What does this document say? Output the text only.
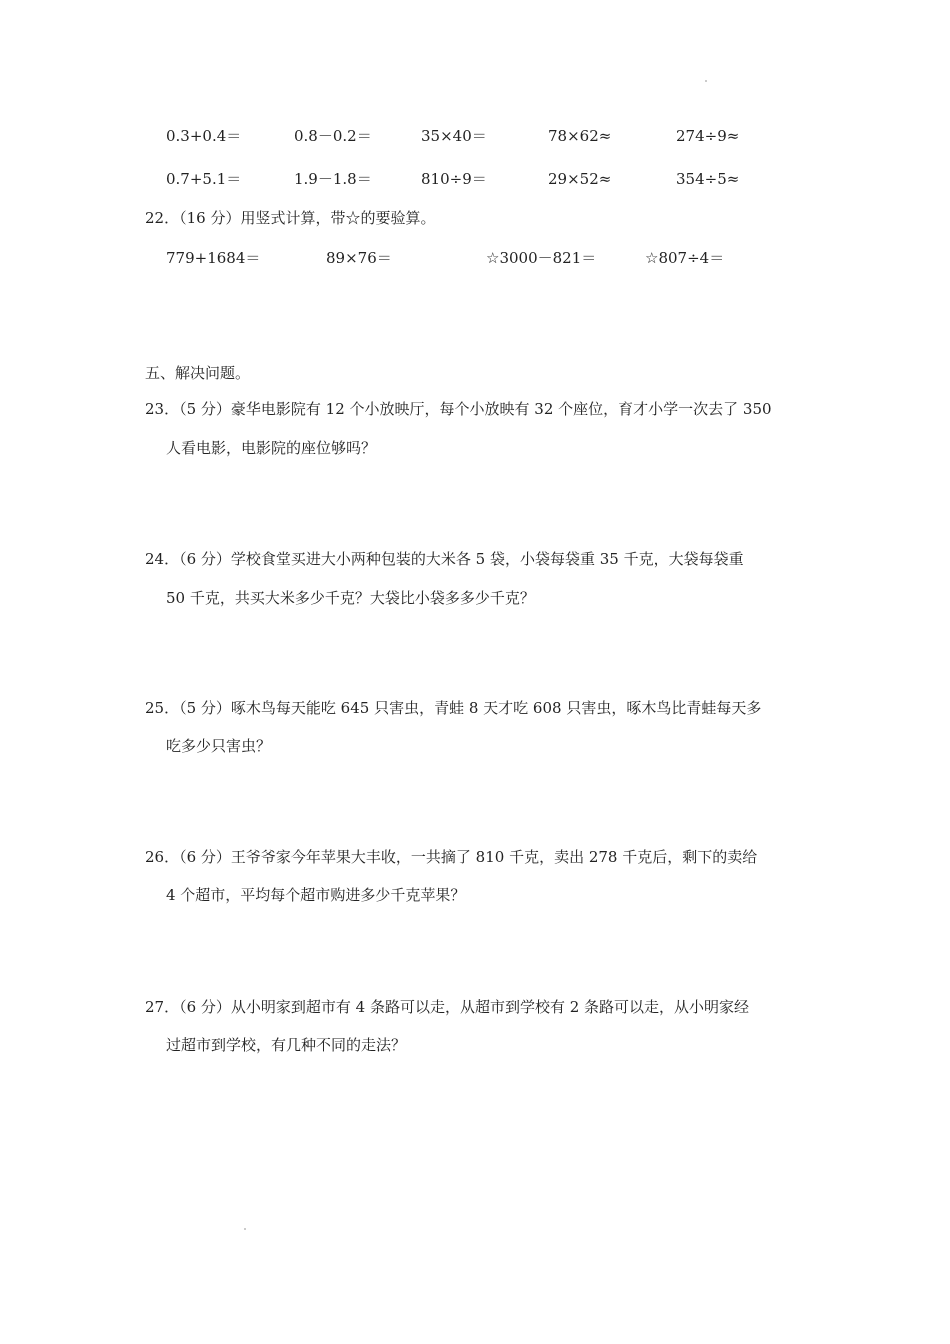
0.3+0.4＝	0.8－0.2＝	35×40＝	78×62≈	274÷9≈
0.7+5.1＝	1.9－1.8＝	810÷9＝	29×52≈	354÷5≈
22．（16 分）用竖式计算，带☆的要验算。
779+1684＝	89×76＝	☆3000－821＝	☆807÷4＝
五、解决问题。
23．（5 分）豪华电影院有 12 个小放映厅，每个小放映有 32 个座位，育才小学一次去了 350
人看电影，电影院的座位够吗？
24．（6 分）学校食堂买进大小两种包装的大米各 5 袋，小袋每袋重 35 千克，大袋每袋重
50 千克，共买大米多少千克？大袋比小袋多多少千克？
25．（5 分）啄木鸟每天能吃 645 只害虫，青蛙 8 天才吃 608 只害虫，啄木鸟比青蛙每天多
吃多少只害虫？
26．（6 分）王爷爷家今年苹果大丰收，一共摘了 810 千克，卖出 278 千克后，剩下的卖给
4 个超市，平均每个超市购进多少千克苹果？
27．（6 分）从小明家到超市有 4 条路可以走，从超市到学校有 2 条路可以走，从小明家经
过超市到学校，有几种不同的走法？
